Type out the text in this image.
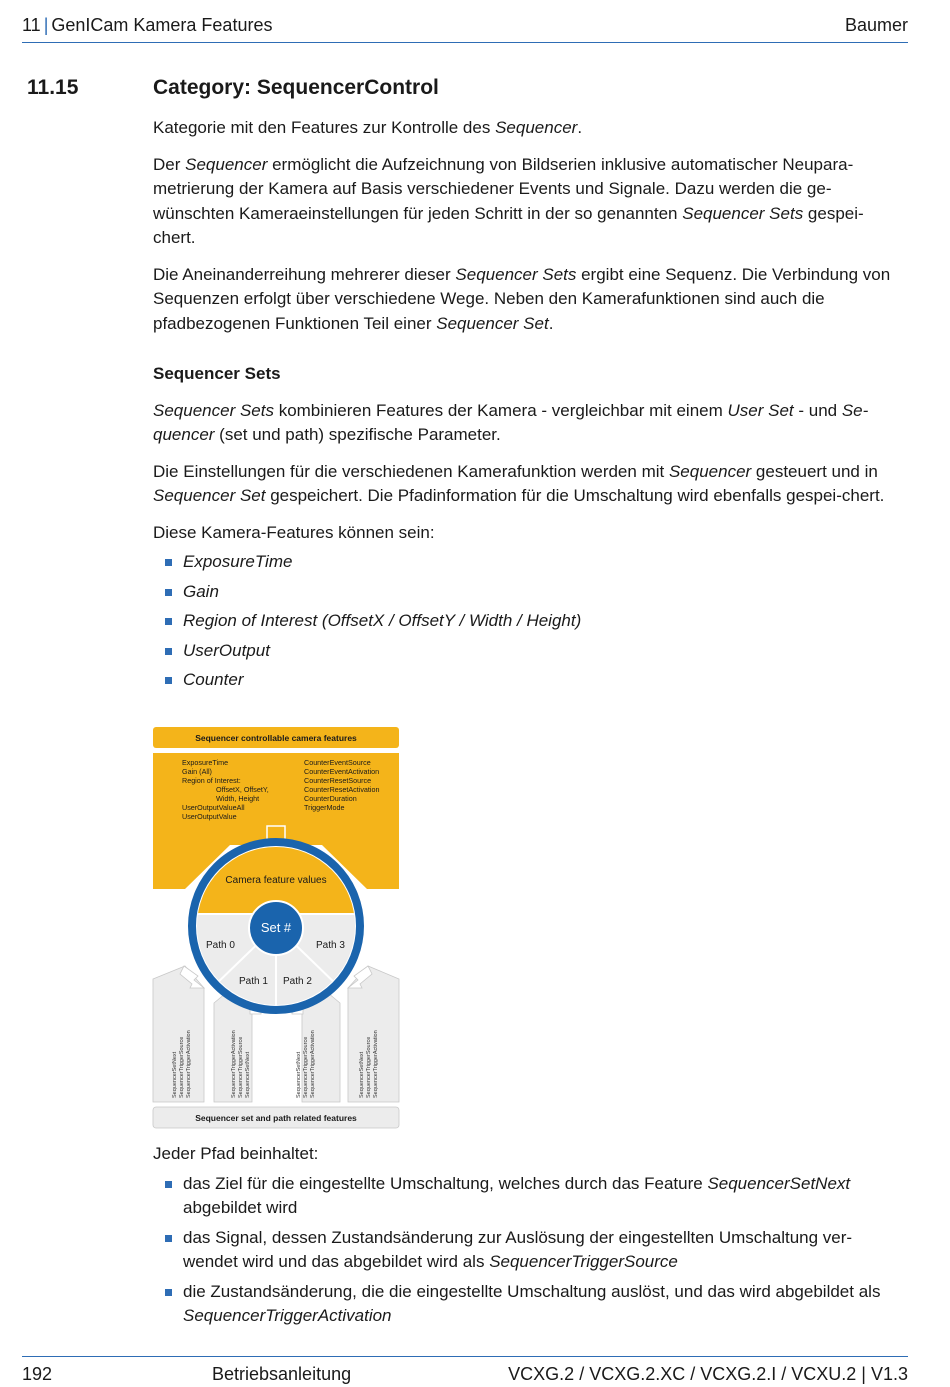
11 | GenICam Kamera Features	Baumer
11.15	Category: SequencerControl

Kategorie mit den Features zur Kontrolle des Sequencer.

Der Sequencer ermöglicht die Aufzeichnung von Bildserien inklusive automatischer Neupara-metrierung der Kamera auf Basis verschiedener Events und Signale. Dazu werden die ge-wünschten Kameraeinstellungen für jeden Schritt in der so genannten Sequencer Sets gespei-chert.

Die Aneinanderreihung mehrerer dieser Sequencer Sets ergibt eine Sequenz. Die Verbindung von Sequenzen erfolgt über verschiedene Wege. Neben den Kamerafunktionen sind auch die pfadbezogenen Funktionen Teil einer Sequencer Set.

Sequencer Sets

Sequencer Sets kombinieren Features der Kamera - vergleichbar mit einem User Set - und Se-quencer (set und path) spezifische Parameter.

Die Einstellungen für die verschiedenen Kamerafunktion werden mit Sequencer gesteuert und in Sequencer Set gespeichert. Die Pfadinformation für die Umschaltung wird ebenfalls gespei-chert.

Diese Kamera-Features können sein:

ExposureTime
Gain
Region of Interest (OffsetX / OffsetY / Width / Height)
UserOutput
Counter
Sequencer controllable camera features
ExposureTime
Gain (All)
Region of Interest:
OffsetX, OffsetY,
Width, Height
UserOutputValueAll
UserOutputValue
CounterEventSource
CounterEventActivation
CounterResetSource
CounterResetActivation
CounterDuration
TriggerMode
SequencerSetNext SequencerTriggerSource SequencerTriggerActivation	SequencerTriggerActivation SequencerTriggerSource SequencerSetNext	SequencerSetNext SequencerTriggerSource SequencerTriggerActivation	SequencerSetNext SequencerTriggerSource SequencerTriggerActivation
Sequencer set and path related features
Camera feature values
Set #
Path 0
Path 1 Path 2
Path 3

Jeder Pfad beinhaltet:

das Ziel für die eingestellte Umschaltung, welches durch das Feature SequencerSetNext abgebildet wird
das Signal, dessen Zustandsänderung zur Auslösung der eingestellten Umschaltung ver-wendet wird und das abgebildet wird als SequencerTriggerSource
die Zustandsänderung, die die eingestellte Umschaltung auslöst, und das wird abgebildet als SequencerTriggerActivation
192	Betriebsanleitung	VCXG.2 / VCXG.2.XC / VCXG.2.I / VCXU.2 | V1.3
